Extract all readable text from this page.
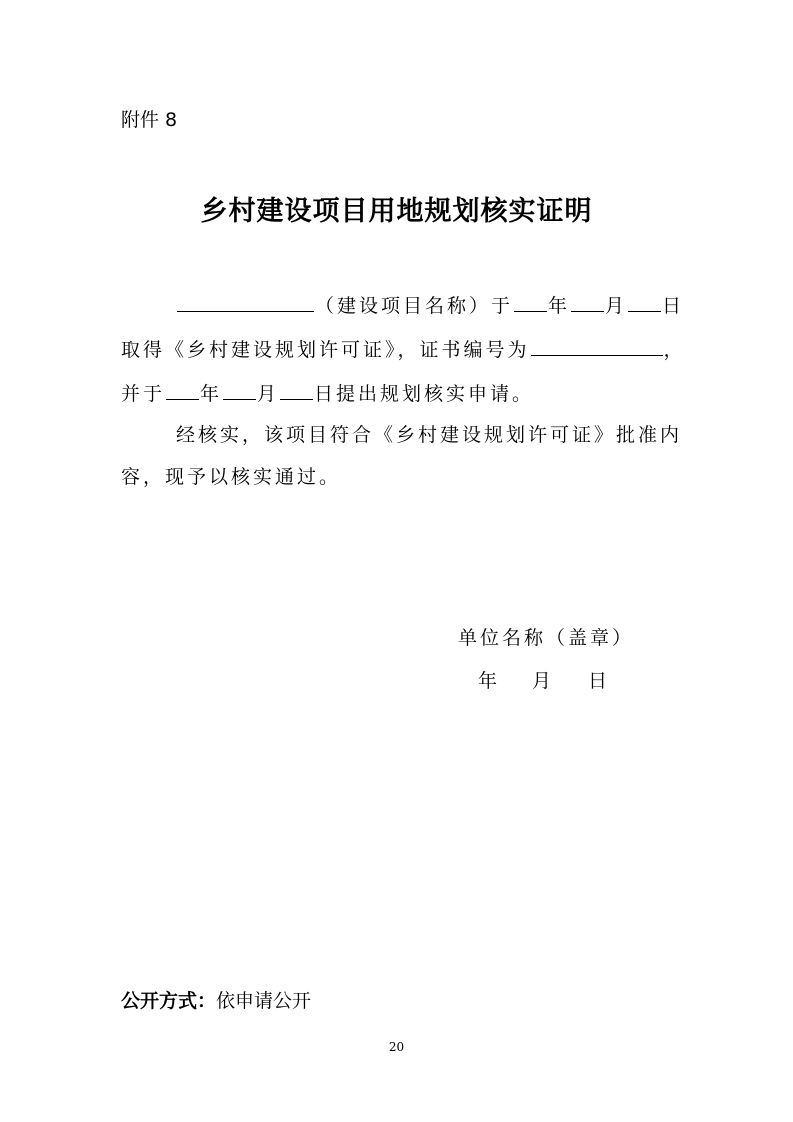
附件 8
乡村建设项目用地规划核实证明
（建设项目名称）于 年 月 日
取得《乡村建设规划许可证》，证书编号为	，
并于 年 月 日提出规划核实申请。
经核实，该项目符合《乡村建设规划许可证》批准内
容，现予以核实通过。
单位名称（盖章）
年 月 日
公开方式：依申请公开
20
